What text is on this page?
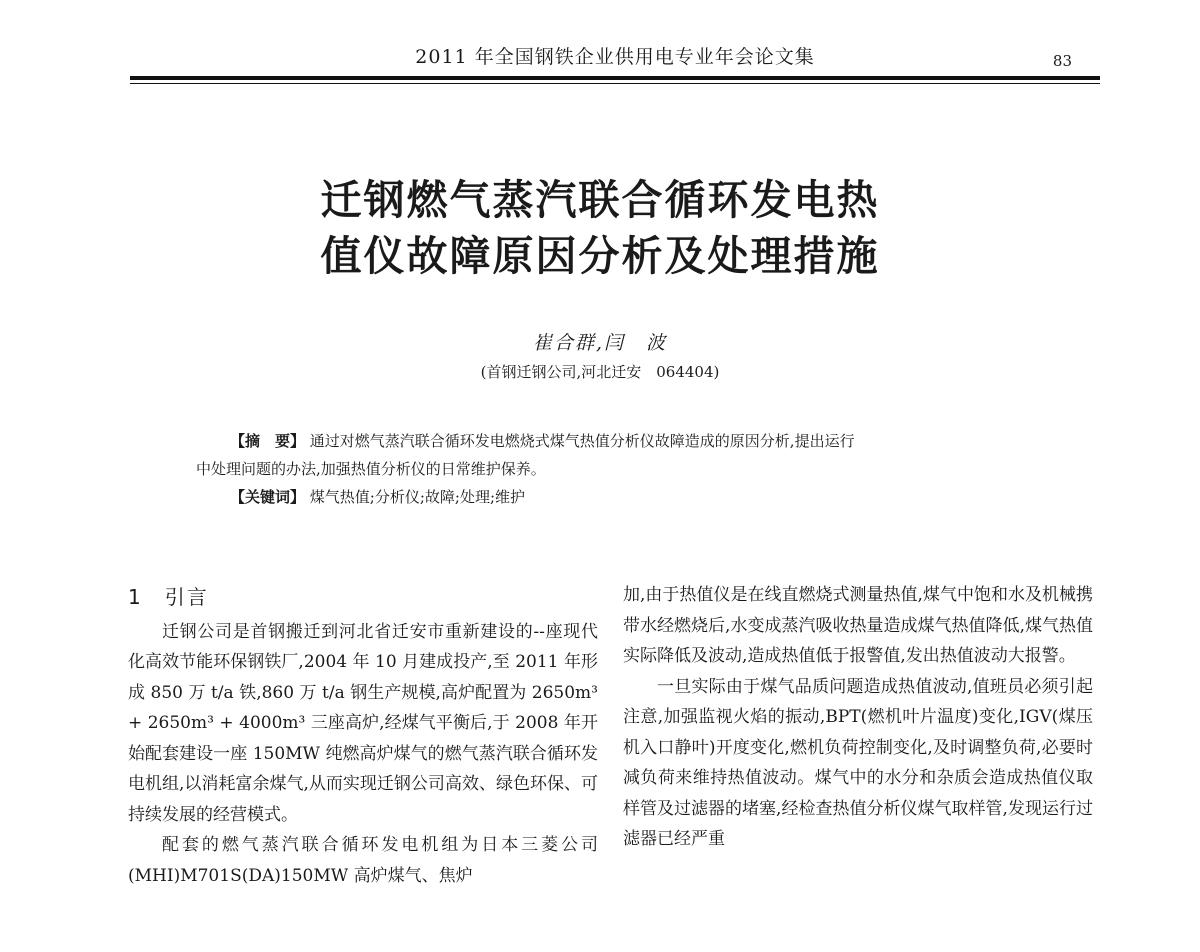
2011 年全国钢铁企业供用电专业年会论文集	83
迁钢燃气蒸汽联合循环发电热
值仪故障原因分析及处理措施
崔合群,闫　波
(首钢迁钢公司,河北迁安　064404)

【摘　要】 通过对燃气蒸汽联合循环发电燃烧式煤气热值分析仪故障造成的原因分析,提出运行

中处理问题的办法,加强热值分析仪的日常维护保养。

【关键词】 煤气热值;分析仪;故障;处理;维护

1　引言

迁钢公司是首钢搬迁到河北省迁安市重新建设的--座现代化高效节能环保钢铁厂,2004 年 10 月建成投产,至 2011 年形成 850 万 t/a 铁,860 万 t/a 钢生产规模,高炉配置为 2650m³ + 2650m³ + 4000m³ 三座高炉,经煤气平衡后,于 2008 年开始配套建设一座 150MW 纯燃高炉煤气的燃气蒸汽联合循环发电机组,以消耗富余煤气,从而实现迁钢公司高效、绿色环保、可持续发展的经营模式。

配套的燃气蒸汽联合循环发电机组为日本三菱公司(MHI)M701S(DA)150MW 高炉煤气、焦炉

加,由于热值仪是在线直燃烧式测量热值,煤气中饱和水及机械携带水经燃烧后,水变成蒸汽吸收热量造成煤气热值降低,煤气热值实际降低及波动,造成热值低于报警值,发出热值波动大报警。

一旦实际由于煤气品质问题造成热值波动,值班员必须引起注意,加强监视火焰的振动,BPT(燃机叶片温度)变化,IGV(煤压机入口静叶)开度变化,燃机负荷控制变化,及时调整负荷,必要时减负荷来维持热值波动。煤气中的水分和杂质会造成热值仪取样管及过滤器的堵塞,经检查热值分析仪煤气取样管,发现运行过滤器已经严重
